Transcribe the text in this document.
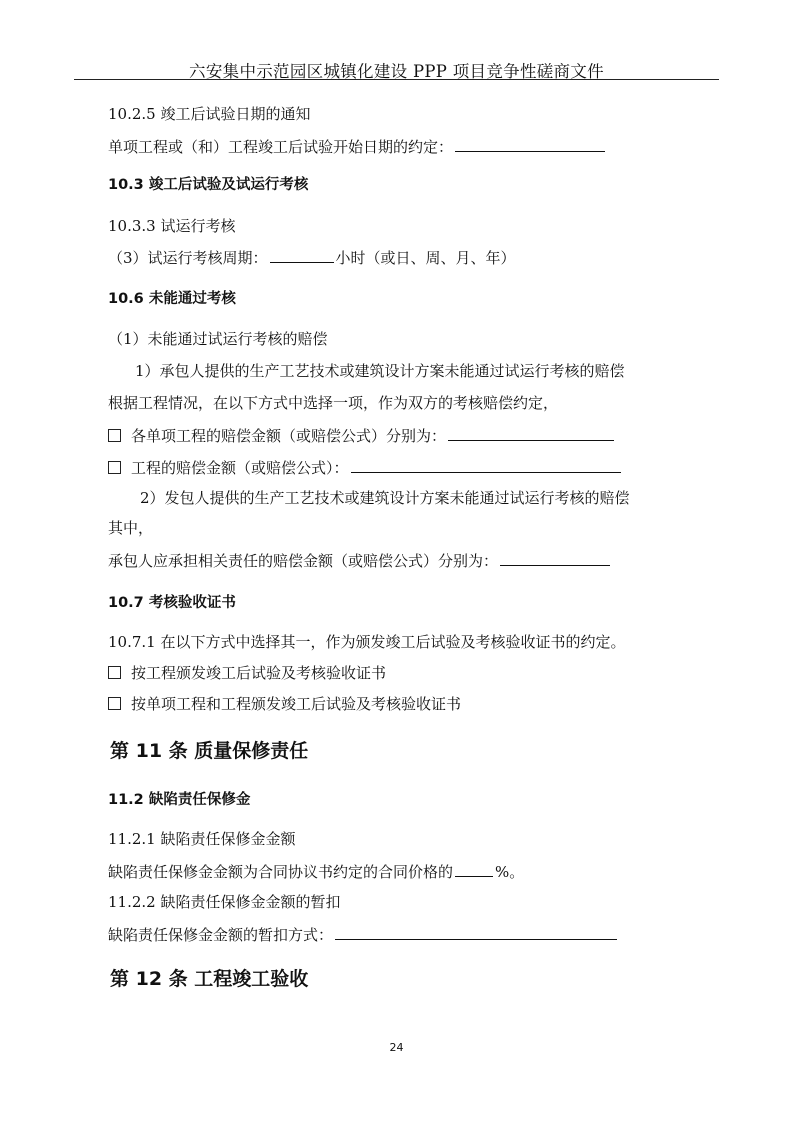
六安集中示范园区城镇化建设 PPP 项目竞争性磋商文件
10.2.5 竣工后试验日期的通知
单项工程或（和）工程竣工后试验开始日期的约定：
10.3 竣工后试验及试运行考核
10.3.3 试运行考核
（3）试运行考核周期：	小时（或日、周、月、年）
10.6 未能通过考核
（1）未能通过试运行考核的赔偿
1）承包人提供的生产工艺技术或建筑设计方案未能通过试运行考核的赔偿
根据工程情况，在以下方式中选择一项，作为双方的考核赔偿约定，
各单项工程的赔偿金额（或赔偿公式）分别为：
工程的赔偿金额（或赔偿公式）：
2）发包人提供的生产工艺技术或建筑设计方案未能通过试运行考核的赔偿
其中，
承包人应承担相关责任的赔偿金额（或赔偿公式）分别为：
10.7 考核验收证书
10.7.1 在以下方式中选择其一，作为颁发竣工后试验及考核验收证书的约定。
按工程颁发竣工后试验及考核验收证书
按单项工程和工程颁发竣工后试验及考核验收证书
第 11 条 质量保修责任
11.2 缺陷责任保修金
11.2.1 缺陷责任保修金金额
缺陷责任保修金金额为合同协议书约定的合同价格的	%。
11.2.2 缺陷责任保修金金额的暂扣
缺陷责任保修金金额的暂扣方式：
第 12 条 工程竣工验收
24
